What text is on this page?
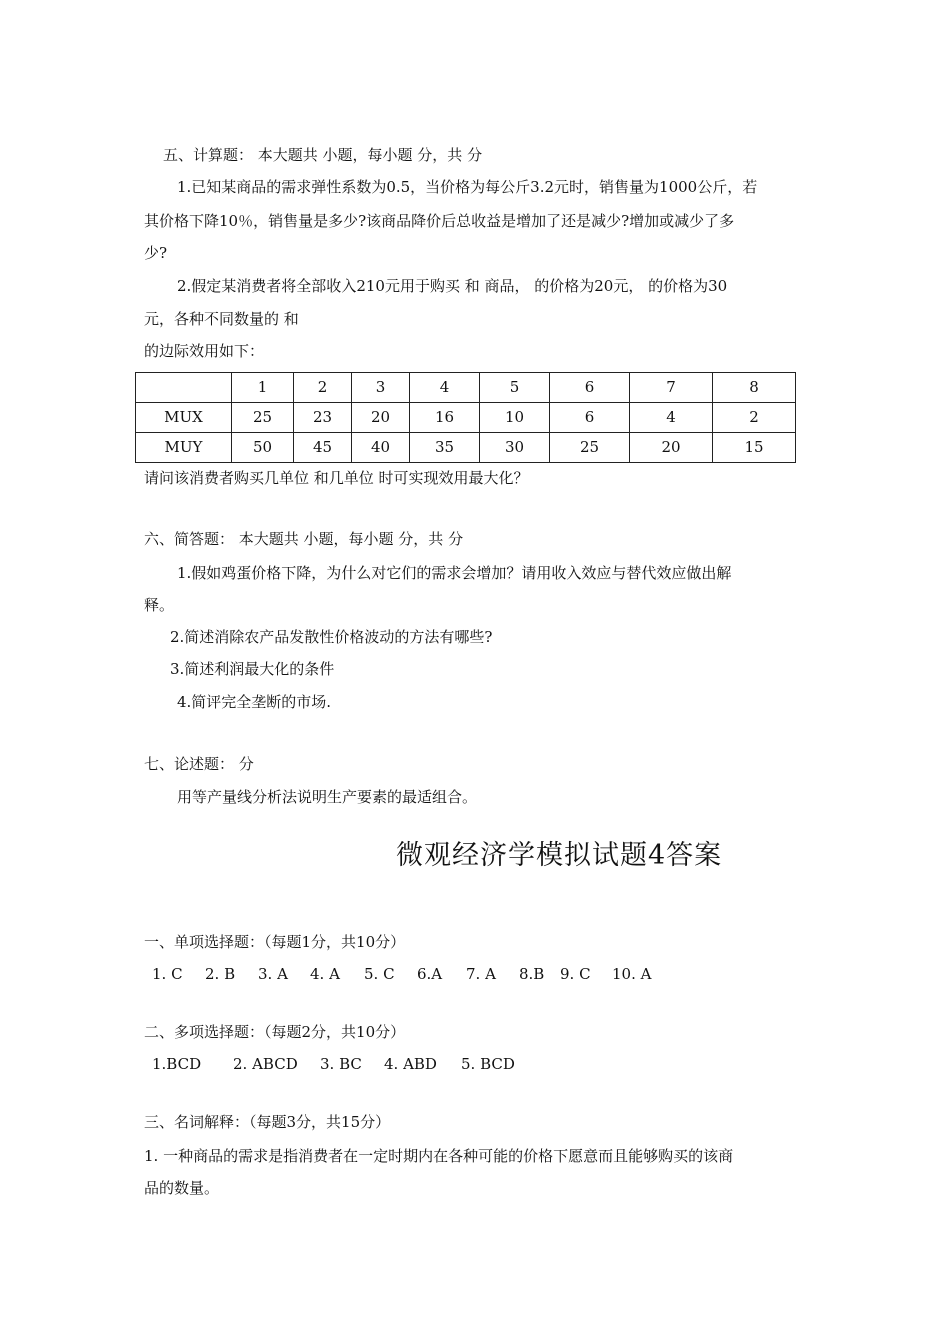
五、计算题： 本大题共 小题，每小题 分，共 分
1.已知某商品的需求弹性系数为0.5，当价格为每公斤3.2元时，销售量为1000公斤，若
其价格下降10％，销售量是多少?该商品降价后总收益是增加了还是减少?增加或减少了多
少?
2.假定某消费者将全部收入210元用于购买 和 商品， 的价格为20元， 的价格为30
元，各种不同数量的 和
的边际效用如下：
	1	2	3	4	5	6	7	8
MUX	25	23	20	16	10	6	4	2
MUY	50	45	40	35	30	25	20	15
请问该消费者购买几单位 和几单位 时可实现效用最大化？
六、简答题： 本大题共 小题，每小题 分，共 分
1.假如鸡蛋价格下降，为什么对它们的需求会增加？请用收入效应与替代效应做出解
释。
2.简述消除农产品发散性价格波动的方法有哪些?
3.简述利润最大化的条件
4.简评完全垄断的市场.
七、论述题： 分
用等产量线分析法说明生产要素的最适组合。
微观经济学模拟试题4答案
一、单项选择题：（每题1分，共10分）
1. C 2. B 3. A 4. A 5. C 6.A 7. A 8.B 9. C 10. A
二、多项选择题：（每题2分，共10分）
1.BCD 2. ABCD 3. BC 4. ABD 5. BCD
三、名词解释：（每题3分，共15分）
1. 一种商品的需求是指消费者在一定时期内在各种可能的价格下愿意而且能够购买的该商
品的数量。
